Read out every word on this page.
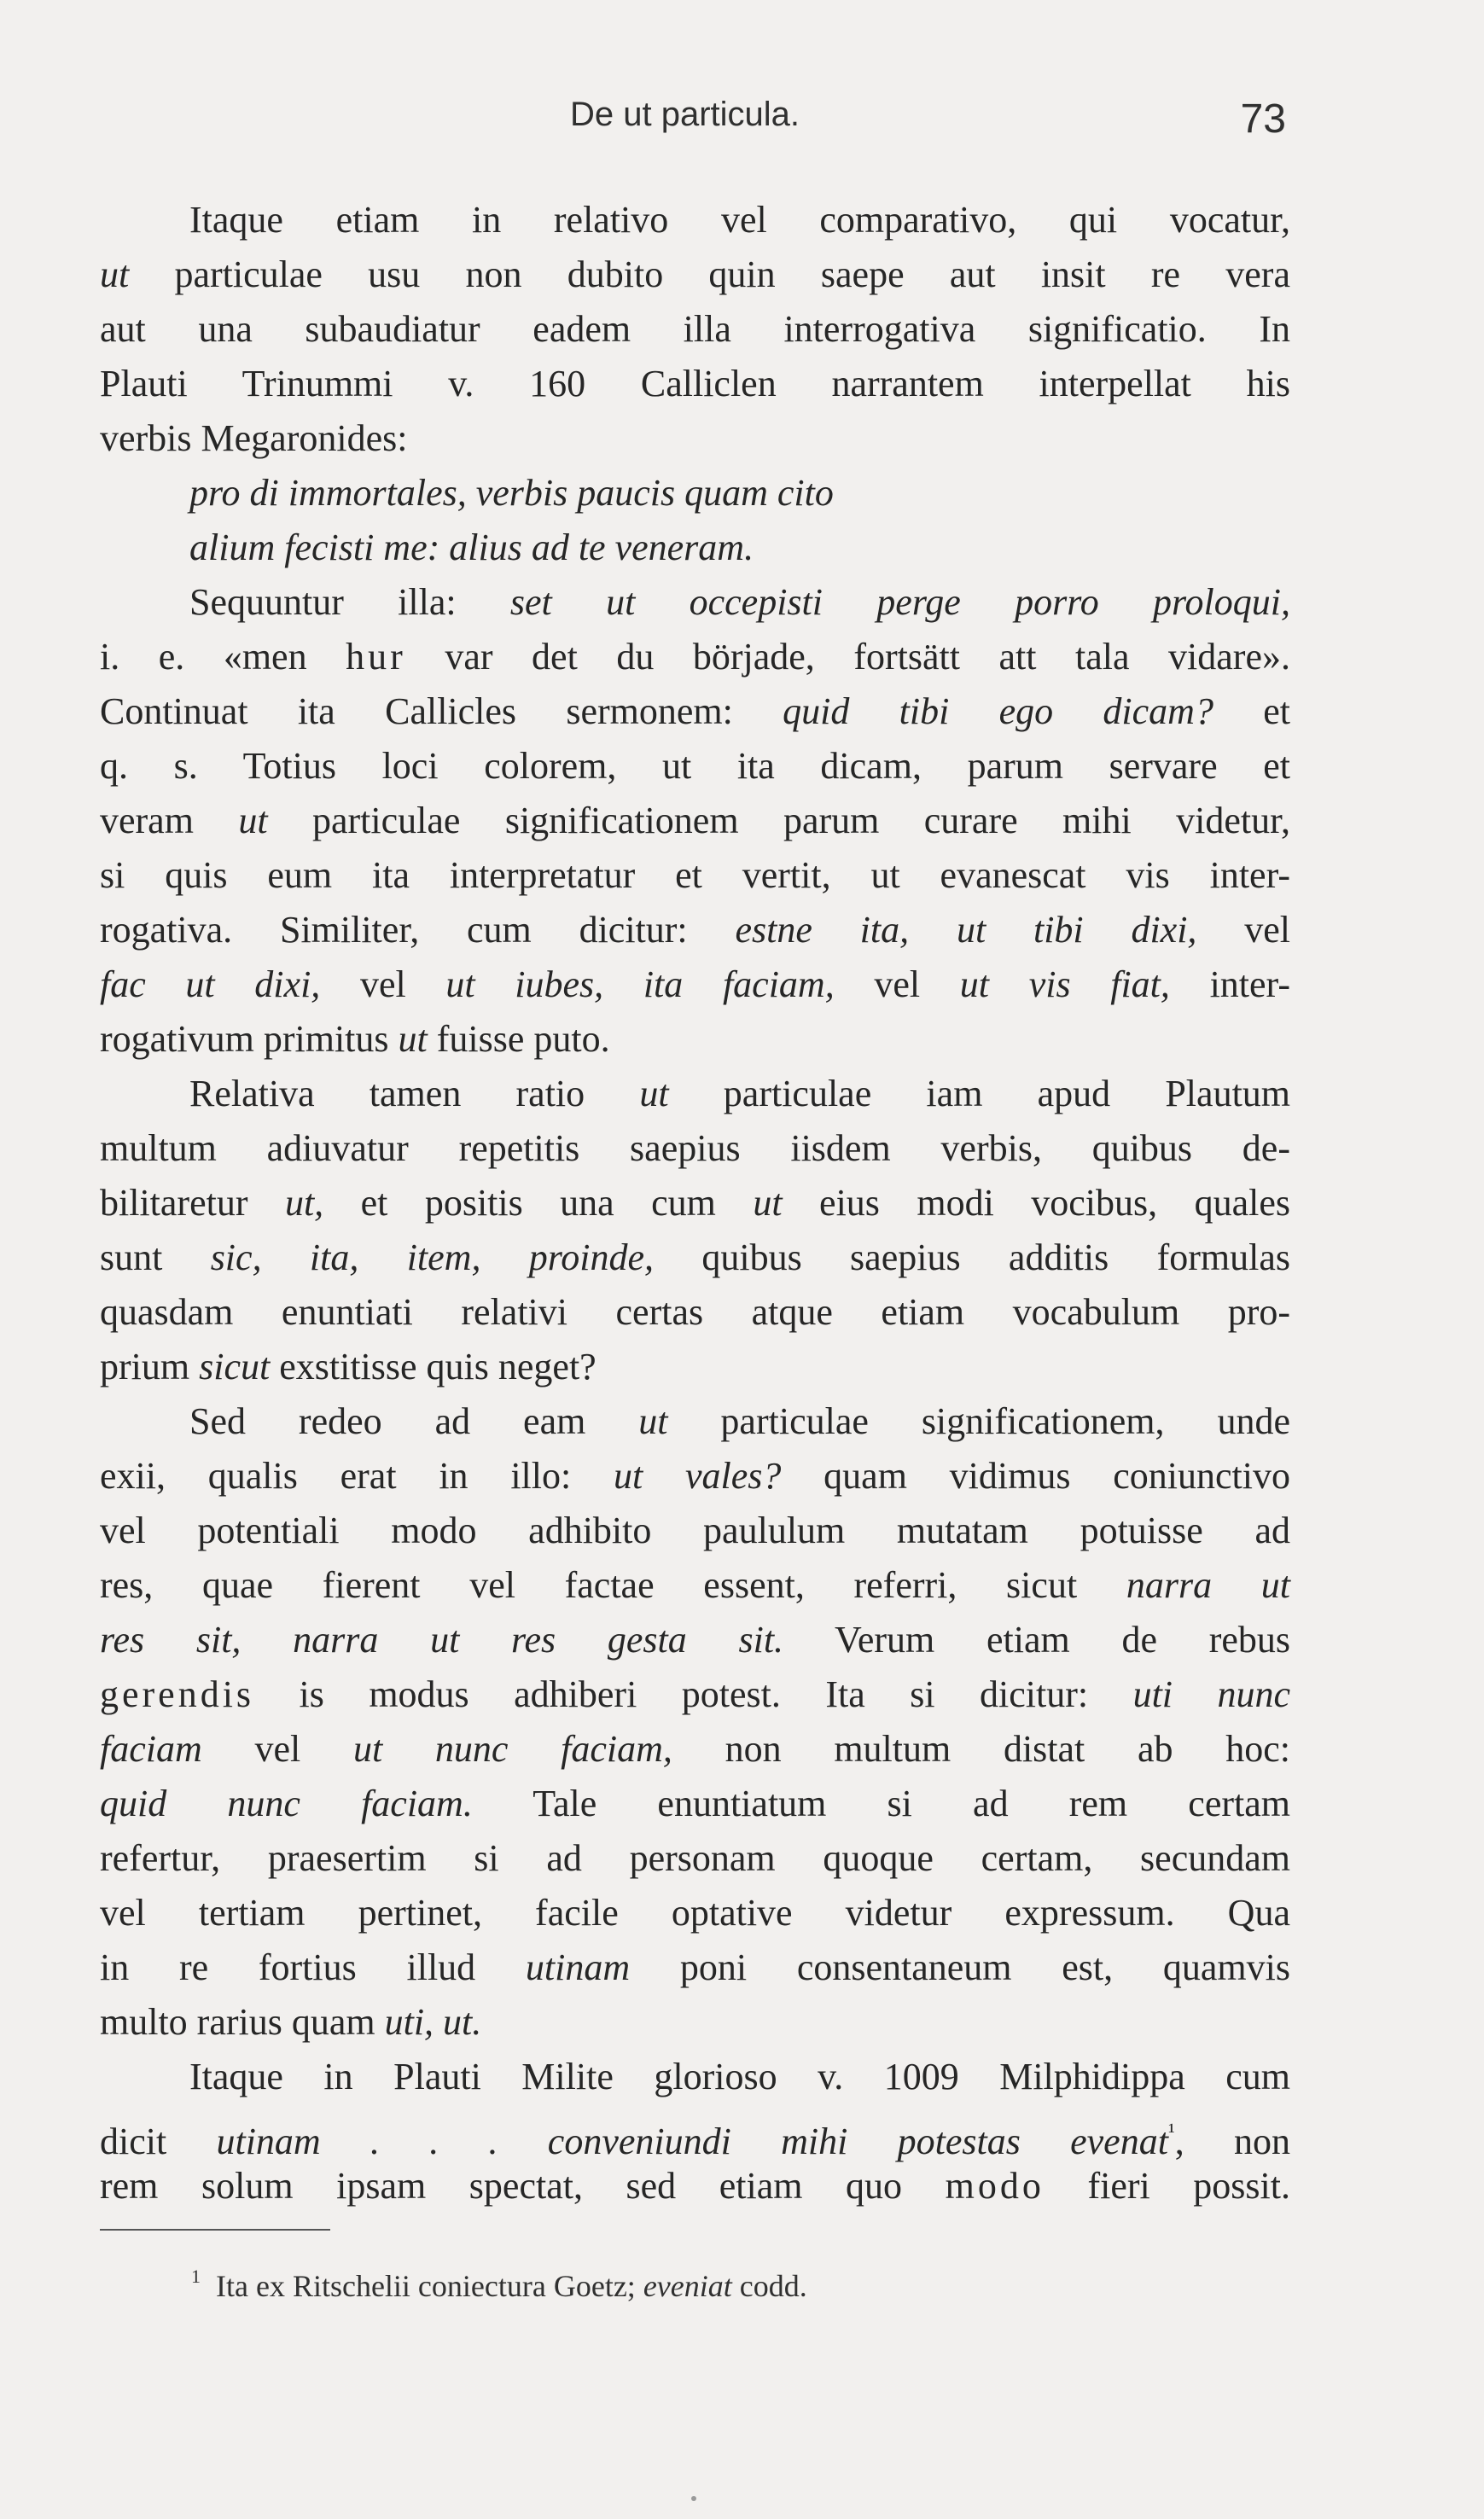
De ut particula.	73
Itaque etiam in relativo vel comparativo, qui vocatur,
ut particulae usu non dubito quin saepe aut insit re vera
aut una subaudiatur eadem illa interrogativa significatio. In
Plauti Trinummi v. 160 Calliclen narrantem interpellat his
verbis Megaronides:
pro di immortales, verbis paucis quam cito
alium fecisti me: alius ad te veneram.
Sequuntur illa: set ut occepisti perge porro proloqui,
i. e. «men hur var det du började, fortsätt att tala vidare».
Continuat ita Callicles sermonem: quid tibi ego dicam? et
q. s. Totius loci colorem, ut ita dicam, parum servare et
veram ut particulae significationem parum curare mihi videtur,
si quis eum ita interpretatur et vertit, ut evanescat vis inter-
rogativa. Similiter, cum dicitur: estne ita, ut tibi dixi, vel
fac ut dixi, vel ut iubes, ita faciam, vel ut vis fiat, inter-
rogativum primitus ut fuisse puto.
Relativa tamen ratio ut particulae iam apud Plautum
multum adiuvatur repetitis saepius iisdem verbis, quibus de-
bilitaretur ut, et positis una cum ut eius modi vocibus, quales
sunt sic, ita, item, proinde, quibus saepius additis formulas
quasdam enuntiati relativi certas atque etiam vocabulum pro-
prium sicut exstitisse quis neget?
Sed redeo ad eam ut particulae significationem, unde
exii, qualis erat in illo: ut vales? quam vidimus coniunctivo
vel potentiali modo adhibito paululum mutatam potuisse ad
res, quae fierent vel factae essent, referri, sicut narra ut
res sit, narra ut res gesta sit. Verum etiam de rebus
gerendis is modus adhiberi potest. Ita si dicitur: uti nunc
faciam vel ut nunc faciam, non multum distat ab hoc:
quid nunc faciam. Tale enuntiatum si ad rem certam
refertur, praesertim si ad personam quoque certam, secundam
vel tertiam pertinet, facile optative videtur expressum. Qua
in re fortius illud utinam poni consentaneum est, quamvis
multo rarius quam uti, ut.
Itaque in Plauti Milite glorioso v. 1009 Milphidippa cum
dicit utinam . . . conveniundi mihi potestas evenat$^{^1}$, non
rem solum ipsam spectat, sed etiam quo modo fieri possit.
$^1$ Ita ex Ritschelii coniectura Goetz; eveniat codd.
